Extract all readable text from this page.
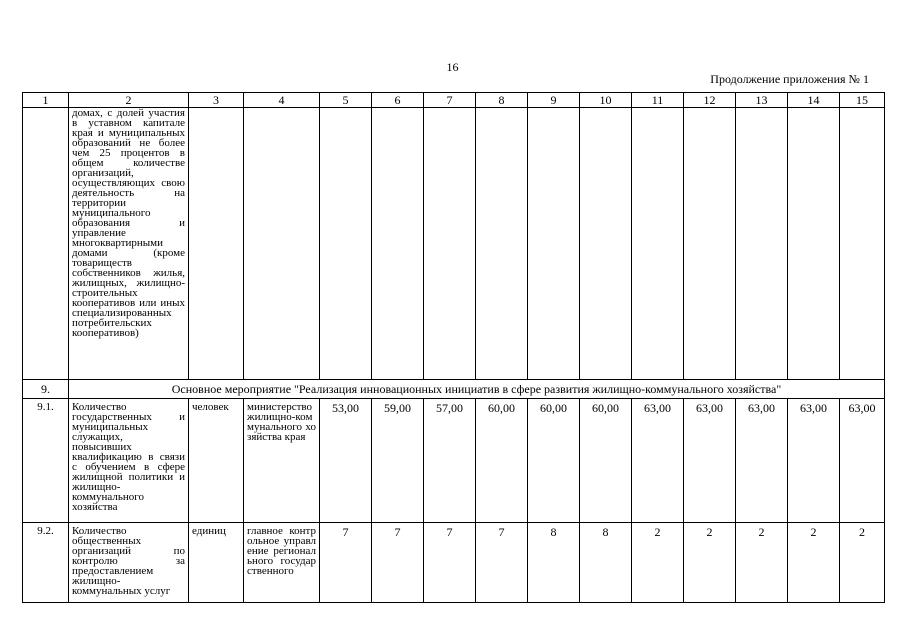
16
Продолжение приложения № 1
1	2	3	4	5	6	7	8	9	10	11	12	13	14	15
	домах, с долей участия в уставном капитале края и муниципальных образований не более чем 25 процентов в общем количестве организаций, осуществляющих свою деятельность на территории муниципального образования и управление многоквартирными домами (кроме товариществ собственников жилья, жилищных, жилищно-строительных кооперативов или иных специализированных потребительских кооперативов)													
9.	Основное мероприятие "Реализация инновационных инициатив в сфере развития жилищно-коммунального хозяйства"													
9.1.	Количество государственных и муниципальных служащих, повысивших квалификацию в связи с обучением в сфере жилищной политики и жилищно-коммунального хозяйства	человек	министерство жилищно-коммунального хозяйства края	53,00	59,00	57,00	60,00	60,00	60,00	63,00	63,00	63,00	63,00	63,00
9.2.	Количество общественных организаций по контролю за предоставлением жилищно-коммунальных услуг	единиц	главное контрольное управление регионального государственного	7	7	7	7	8	8	2	2	2	2	2
